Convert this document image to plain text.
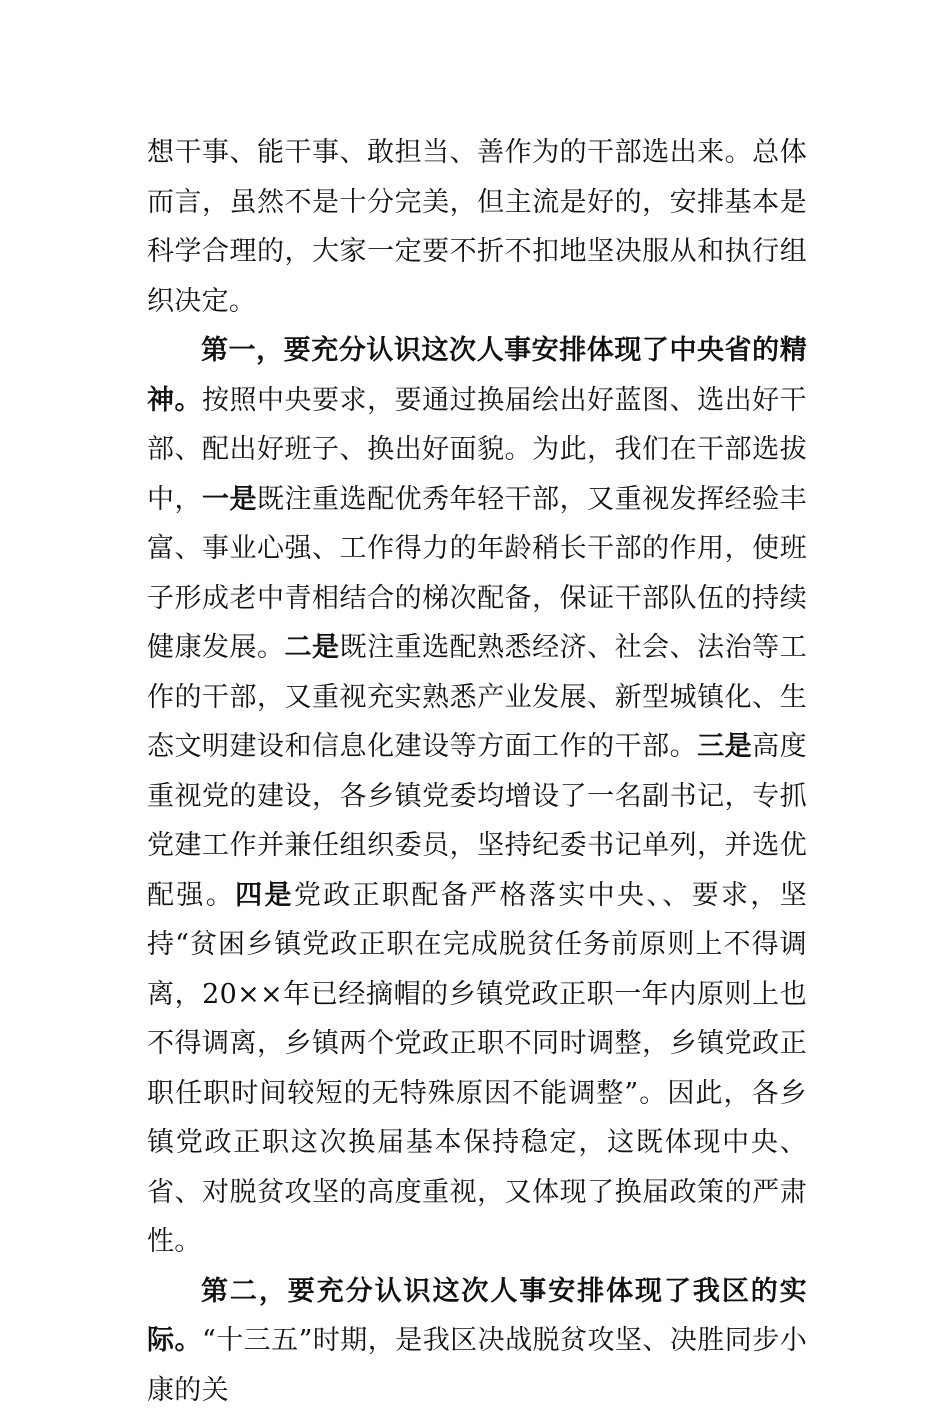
想干事、能干事、敢担当、善作为的干部选出来。总体而言，虽然不是十分完美，但主流是好的，安排基本是科学合理的，大家一定要不折不扣地坚决服从和执行组织决定。

第一，要充分认识这次人事安排体现了中央省的精神。按照中央要求，要通过换届绘出好蓝图、选出好干部、配出好班子、换出好面貌。为此，我们在干部选拔中，一是既注重选配优秀年轻干部，又重视发挥经验丰富、事业心强、工作得力的年龄稍长干部的作用，使班子形成老中青相结合的梯次配备，保证干部队伍的持续健康发展。二是既注重选配熟悉经济、社会、法治等工作的干部，又重视充实熟悉产业发展、新型城镇化、生态文明建设和信息化建设等方面工作的干部。三是高度重视党的建设，各乡镇党委均增设了一名副书记，专抓党建工作并兼任组织委员，坚持纪委书记单列，并选优配强。四是党政正职配备严格落实中央、、要求，坚持“贫困乡镇党政正职在完成脱贫任务前原则上不得调离，20××年已经摘帽的乡镇党政正职一年内原则上也不得调离，乡镇两个党政正职不同时调整，乡镇党政正职任职时间较短的无特殊原因不能调整”。因此，各乡镇党政正职这次换届基本保持稳定，这既体现中央、省、对脱贫攻坚的高度重视，又体现了换届政策的严肃性。

第二，要充分认识这次人事安排体现了我区的实际。“十三五”时期，是我区决战脱贫攻坚、决胜同步小康的关
